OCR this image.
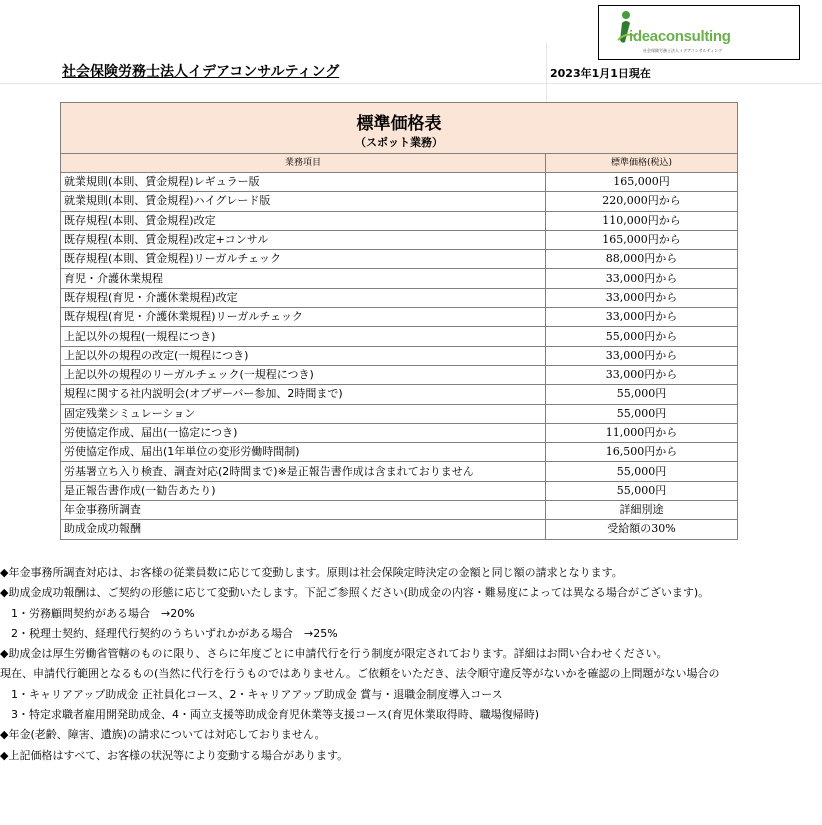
ideaconsulting
社会保険労務士法人イデアコンサルティング
社会保険労務士法人イデアコンサルティング	2023年1月1日現在
標準価格表
（スポット業務）	

業務項目	標準価格(税込)
就業規則(本則、賃金規程)レギュラー版	165,000円
就業規則(本則、賃金規程)ハイグレード版	220,000円から
既存規程(本則、賃金規程)改定	110,000円から
既存規程(本則、賃金規程)改定+コンサル	165,000円から
既存規程(本則、賃金規程)リーガルチェック	88,000円から
育児・介護休業規程	33,000円から
既存規程(育児・介護休業規程)改定	33,000円から
既存規程(育児・介護休業規程)リーガルチェック	33,000円から
上記以外の規程(一規程につき)	55,000円から
上記以外の規程の改定(一規程につき)	33,000円から
上記以外の規程のリーガルチェック(一規程につき)	33,000円から
規程に関する社内説明会(オブザーバー参加、2時間まで)	55,000円
固定残業シミュレーション	55,000円
労使協定作成、届出(一協定につき)	11,000円から
労使協定作成、届出(1年単位の変形労働時間制)	16,500円から
労基署立ち入り検査、調査対応(2時間まで)※是正報告書作成は含まれておりません	55,000円
是正報告書作成(一勧告あたり)	55,000円
年金事務所調査	詳細別途
助成金成功報酬	受給額の30%
◆年金事務所調査対応は、お客様の従業員数に応じて変動します。原則は社会保険定時決定の金額と同じ額の請求となります。
◆助成金成功報酬は、ご契約の形態に応じて変動いたします。下記ご参照ください(助成金の内容・難易度によっては異なる場合がございます)。
　1・労務顧問契約がある場合　→20%
　2・税理士契約、経理代行契約のうちいずれかがある場合　→25%
◆助成金は厚生労働省管轄のものに限り、さらに年度ごとに申請代行を行う制度が限定されております。詳細はお問い合わせください。
現在、申請代行範囲となるもの(当然に代行を行うものではありません。ご依頼をいただき、法令順守違反等がないかを確認の上問題がない場合の
　1・キャリアアップ助成金 正社員化コース、2・キャリアアップ助成金 賞与・退職金制度導入コース
　3・特定求職者雇用開発助成金、4・両立支援等助成金育児休業等支援コース(育児休業取得時、職場復帰時)
◆年金(老齢、障害、遺族)の請求については対応しておりません。
◆上記価格はすべて、お客様の状況等により変動する場合があります。
